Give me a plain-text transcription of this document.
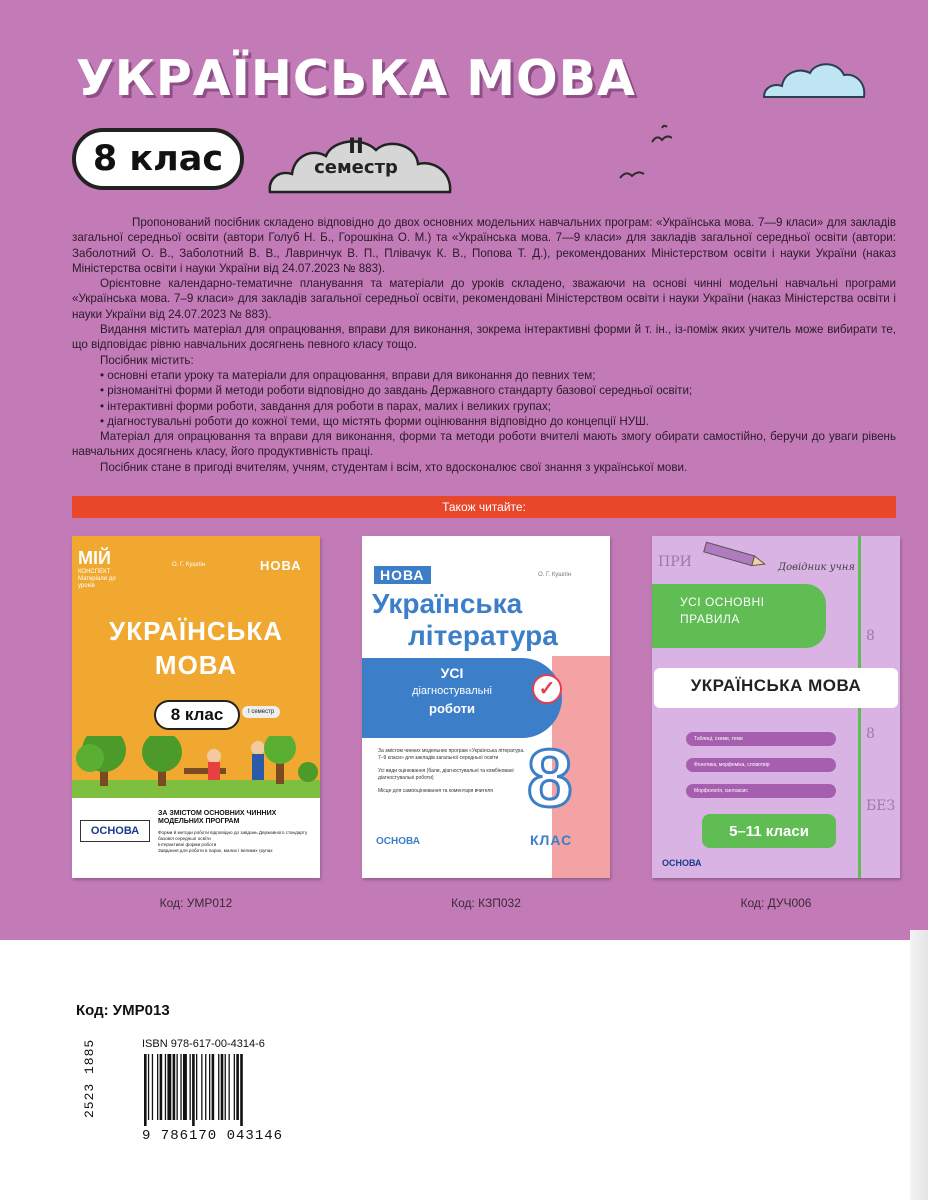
УКРАЇНСЬКА МОВА
8 клас	II
семестр

Пропонований посібник складено відповідно до двох основних модельних навчальних програм: «Українська мова. 7—9 класи» для закладів загальної середньої освіти (автори Голуб Н. Б., Горошкіна О. М.) та «Українська мова. 7—9 класи» для закладів загальної середньої освіти (автори: Заболотний О. В., Заболотний В. В., Лавринчук В. П., Плівачук К. В., Попова Т. Д.), рекомендованих Міністерством освіти і науки України (наказ Міністерства освіти і науки України від 24.07.2023 № 883).

Орієнтовне календарно-тематичне планування та матеріали до уроків складено, зважаючи на основі чинні модельні навчальні програми «Українська мова. 7–9 класи» для закладів загальної середньої освіти, рекомендовані Міністерством освіти і науки України (наказ Міністерства освіти і науки України від 24.07.2023 № 883).

Видання містить матеріал для опрацювання, вправи для виконання, зокрема інтерактивні форми й т. ін., із-поміж яких учитель може вибирати те, що відповідає рівню навчальних досягнень певного класу тощо.

Посібник містить:

• основні етапи уроку та матеріали для опрацювання, вправи для виконання до певних тем;
• різноманітні форми й методи роботи відповідно до завдань Державного стандарту базової середньої освіти;
• інтерактивні форми роботи, завдання для роботи в парах, малих і великих групах;
• діагностувальні роботи до кожної теми, що містять форми оцінювання відповідно до концепції НУШ.

Матеріал для опрацювання та вправи для виконання, форми та методи роботи вчителі мають змогу обирати самостійно, беручи до уваги рівень навчальних досягнень класу, його продуктивність праці.

Посібник стане в пригоді вчителям, учням, студентам і всім, хто вдосконалює свої знання з української мови.

Також читайте:
МІЙ
КОНСПЕКТ
Матеріали до уроків
О. Г. Кушпін	НОВА
УКРАЇНСЬКА
МОВА
8 клас	I семестр
ОСНОВА
ЗА ЗМІСТОМ ОСНОВНИХ ЧИННИХ МОДЕЛЬНИХ ПРОГРАМ
Форми й методи роботи відповідно до завдань Державного стандарту базової середньої освіти
Інтерактивні форми роботи
Завдання для роботи в парах, малих і великих групах
Код: УМР012
НОВА	О. Г. Кушпін
Українська
література
УСІ
діагностувальні
роботи
✓
За змістом чинних модельних програм «Українська література. 7–9 класи» для закладів загальної середньої освіти
Усі види оцінювання (бали, діагностувальні та комбіновані діагностувальні роботи)
Місце для самооцінювання та коментаря вчителя 8
КЛАС
ОСНОВА
Код: КЗП032
ПРИ
8
8
БЕЗ
Довідник учня
УСІ ОСНОВНІ
ПРАВИЛА
УКРАЇНСЬКА МОВА
Таблиці, схеми, теми
Фонетика, морфеміка, словотвір
Морфологія, синтаксис
5–11 класи
ОСНОВА
Код: ДУЧ006
Код: УМР013
2523 1885	ISBN 978-617-00-4314-6
9 786170 043146
